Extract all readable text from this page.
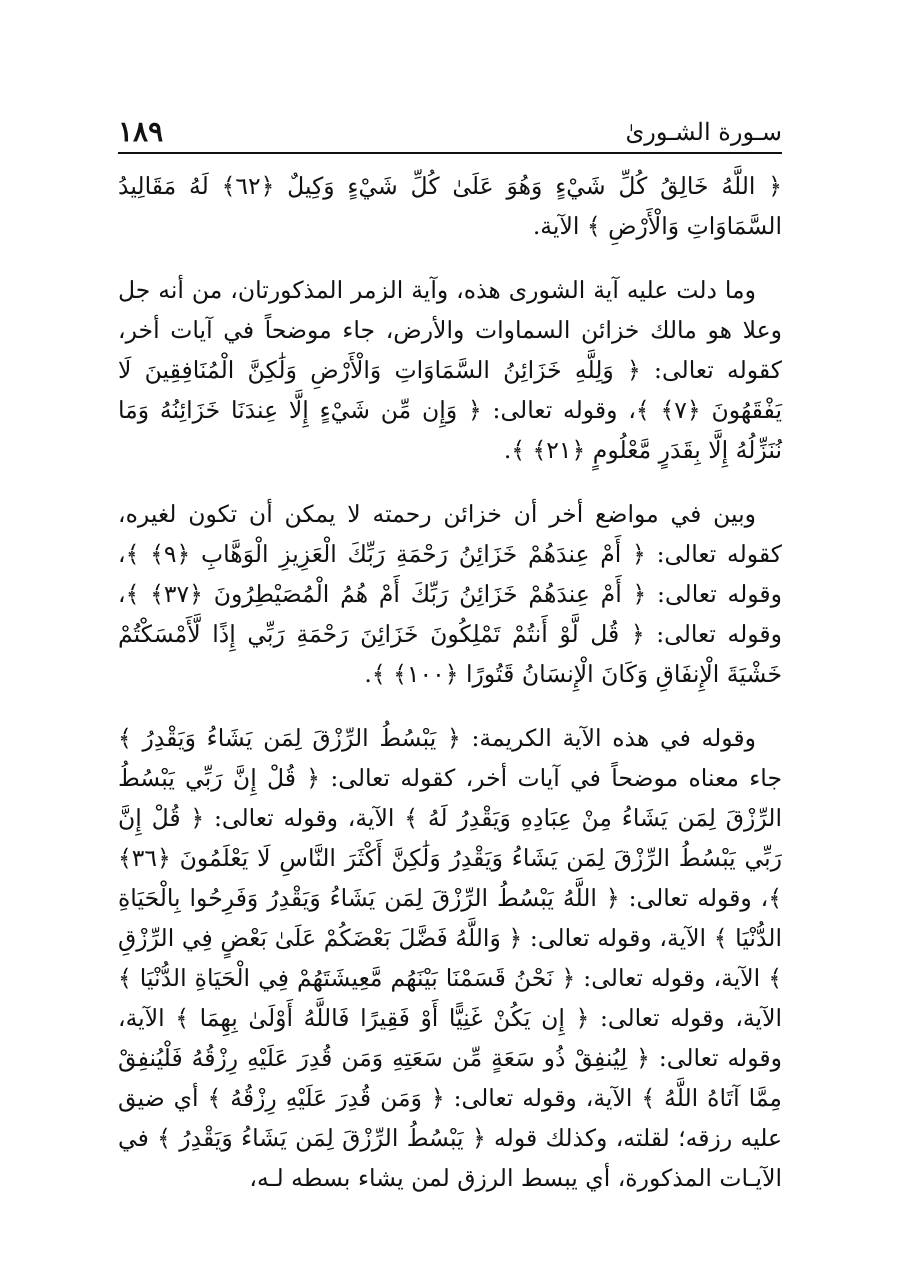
سـورة الشـورىٰ
١٨٩

﴿ اللَّهُ خَالِقُ كُلِّ شَيْءٍ وَهُوَ عَلَىٰ كُلِّ شَيْءٍ وَكِيلٌ ﴿٦٢﴾ لَهُ مَقَالِيدُ السَّمَاوَاتِ وَالْأَرْضِ ﴾ الآية.

وما دلت عليه آية الشورى هذه، وآية الزمر المذكورتان، من أنه جل وعلا هو مالك خزائن السماوات والأرض، جاء موضحاً في آيات أخر، كقوله تعالى: ﴿ وَلِلَّهِ خَزَائِنُ السَّمَاوَاتِ وَالْأَرْضِ وَلَٰكِنَّ الْمُنَافِقِينَ لَا يَفْقَهُونَ ﴿٧﴾ ﴾، وقوله تعالى: ﴿ وَإِن مِّن شَيْءٍ إِلَّا عِندَنَا خَزَائِنُهُ وَمَا نُنَزِّلُهُ إِلَّا بِقَدَرٍ مَّعْلُومٍ ﴿٢١﴾ ﴾.

وبين في مواضع أخر أن خزائن رحمته لا يمكن أن تكون لغيره، كقوله تعالى: ﴿ أَمْ عِندَهُمْ خَزَائِنُ رَحْمَةِ رَبِّكَ الْعَزِيزِ الْوَهَّابِ ﴿٩﴾ ﴾، وقوله تعالى: ﴿ أَمْ عِندَهُمْ خَزَائِنُ رَبِّكَ أَمْ هُمُ الْمُصَيْطِرُونَ ﴿٣٧﴾ ﴾، وقوله تعالى: ﴿ قُل لَّوْ أَنتُمْ تَمْلِكُونَ خَزَائِنَ رَحْمَةِ رَبِّي إِذًا لَّأَمْسَكْتُمْ خَشْيَةَ الْإِنفَاقِ وَكَانَ الْإِنسَانُ قَتُورًا ﴿١٠٠﴾ ﴾.

وقوله في هذه الآية الكريمة: ﴿ يَبْسُطُ الرِّزْقَ لِمَن يَشَاءُ وَيَقْدِرُ ﴾ جاء معناه موضحاً في آيات أخر، كقوله تعالى: ﴿ قُلْ إِنَّ رَبِّي يَبْسُطُ الرِّزْقَ لِمَن يَشَاءُ مِنْ عِبَادِهِ وَيَقْدِرُ لَهُ ﴾ الآية، وقوله تعالى: ﴿ قُلْ إِنَّ رَبِّي يَبْسُطُ الرِّزْقَ لِمَن يَشَاءُ وَيَقْدِرُ وَلَٰكِنَّ أَكْثَرَ النَّاسِ لَا يَعْلَمُونَ ﴿٣٦﴾ ﴾، وقوله تعالى: ﴿ اللَّهُ يَبْسُطُ الرِّزْقَ لِمَن يَشَاءُ وَيَقْدِرُ وَفَرِحُوا بِالْحَيَاةِ الدُّنْيَا ﴾ الآية، وقوله تعالى: ﴿ وَاللَّهُ فَضَّلَ بَعْضَكُمْ عَلَىٰ بَعْضٍ فِي الرِّزْقِ ﴾ الآية، وقوله تعالى: ﴿ نَحْنُ قَسَمْنَا بَيْنَهُم مَّعِيشَتَهُمْ فِي الْحَيَاةِ الدُّنْيَا ﴾ الآية، وقوله تعالى: ﴿ إِن يَكُنْ غَنِيًّا أَوْ فَقِيرًا فَاللَّهُ أَوْلَىٰ بِهِمَا ﴾ الآية، وقوله تعالى: ﴿ لِيُنفِقْ ذُو سَعَةٍ مِّن سَعَتِهِ وَمَن قُدِرَ عَلَيْهِ رِزْقُهُ فَلْيُنفِقْ مِمَّا آتَاهُ اللَّهُ ﴾ الآية، وقوله تعالى: ﴿ وَمَن قُدِرَ عَلَيْهِ رِزْقُهُ ﴾ أي ضيق عليه رزقه؛ لقلته، وكذلك قوله ﴿ يَبْسُطُ الرِّزْقَ لِمَن يَشَاءُ وَيَقْدِرُ ﴾ في الآيـات المذكورة، أي يبسط الرزق لمن يشاء بسطه لـه،
